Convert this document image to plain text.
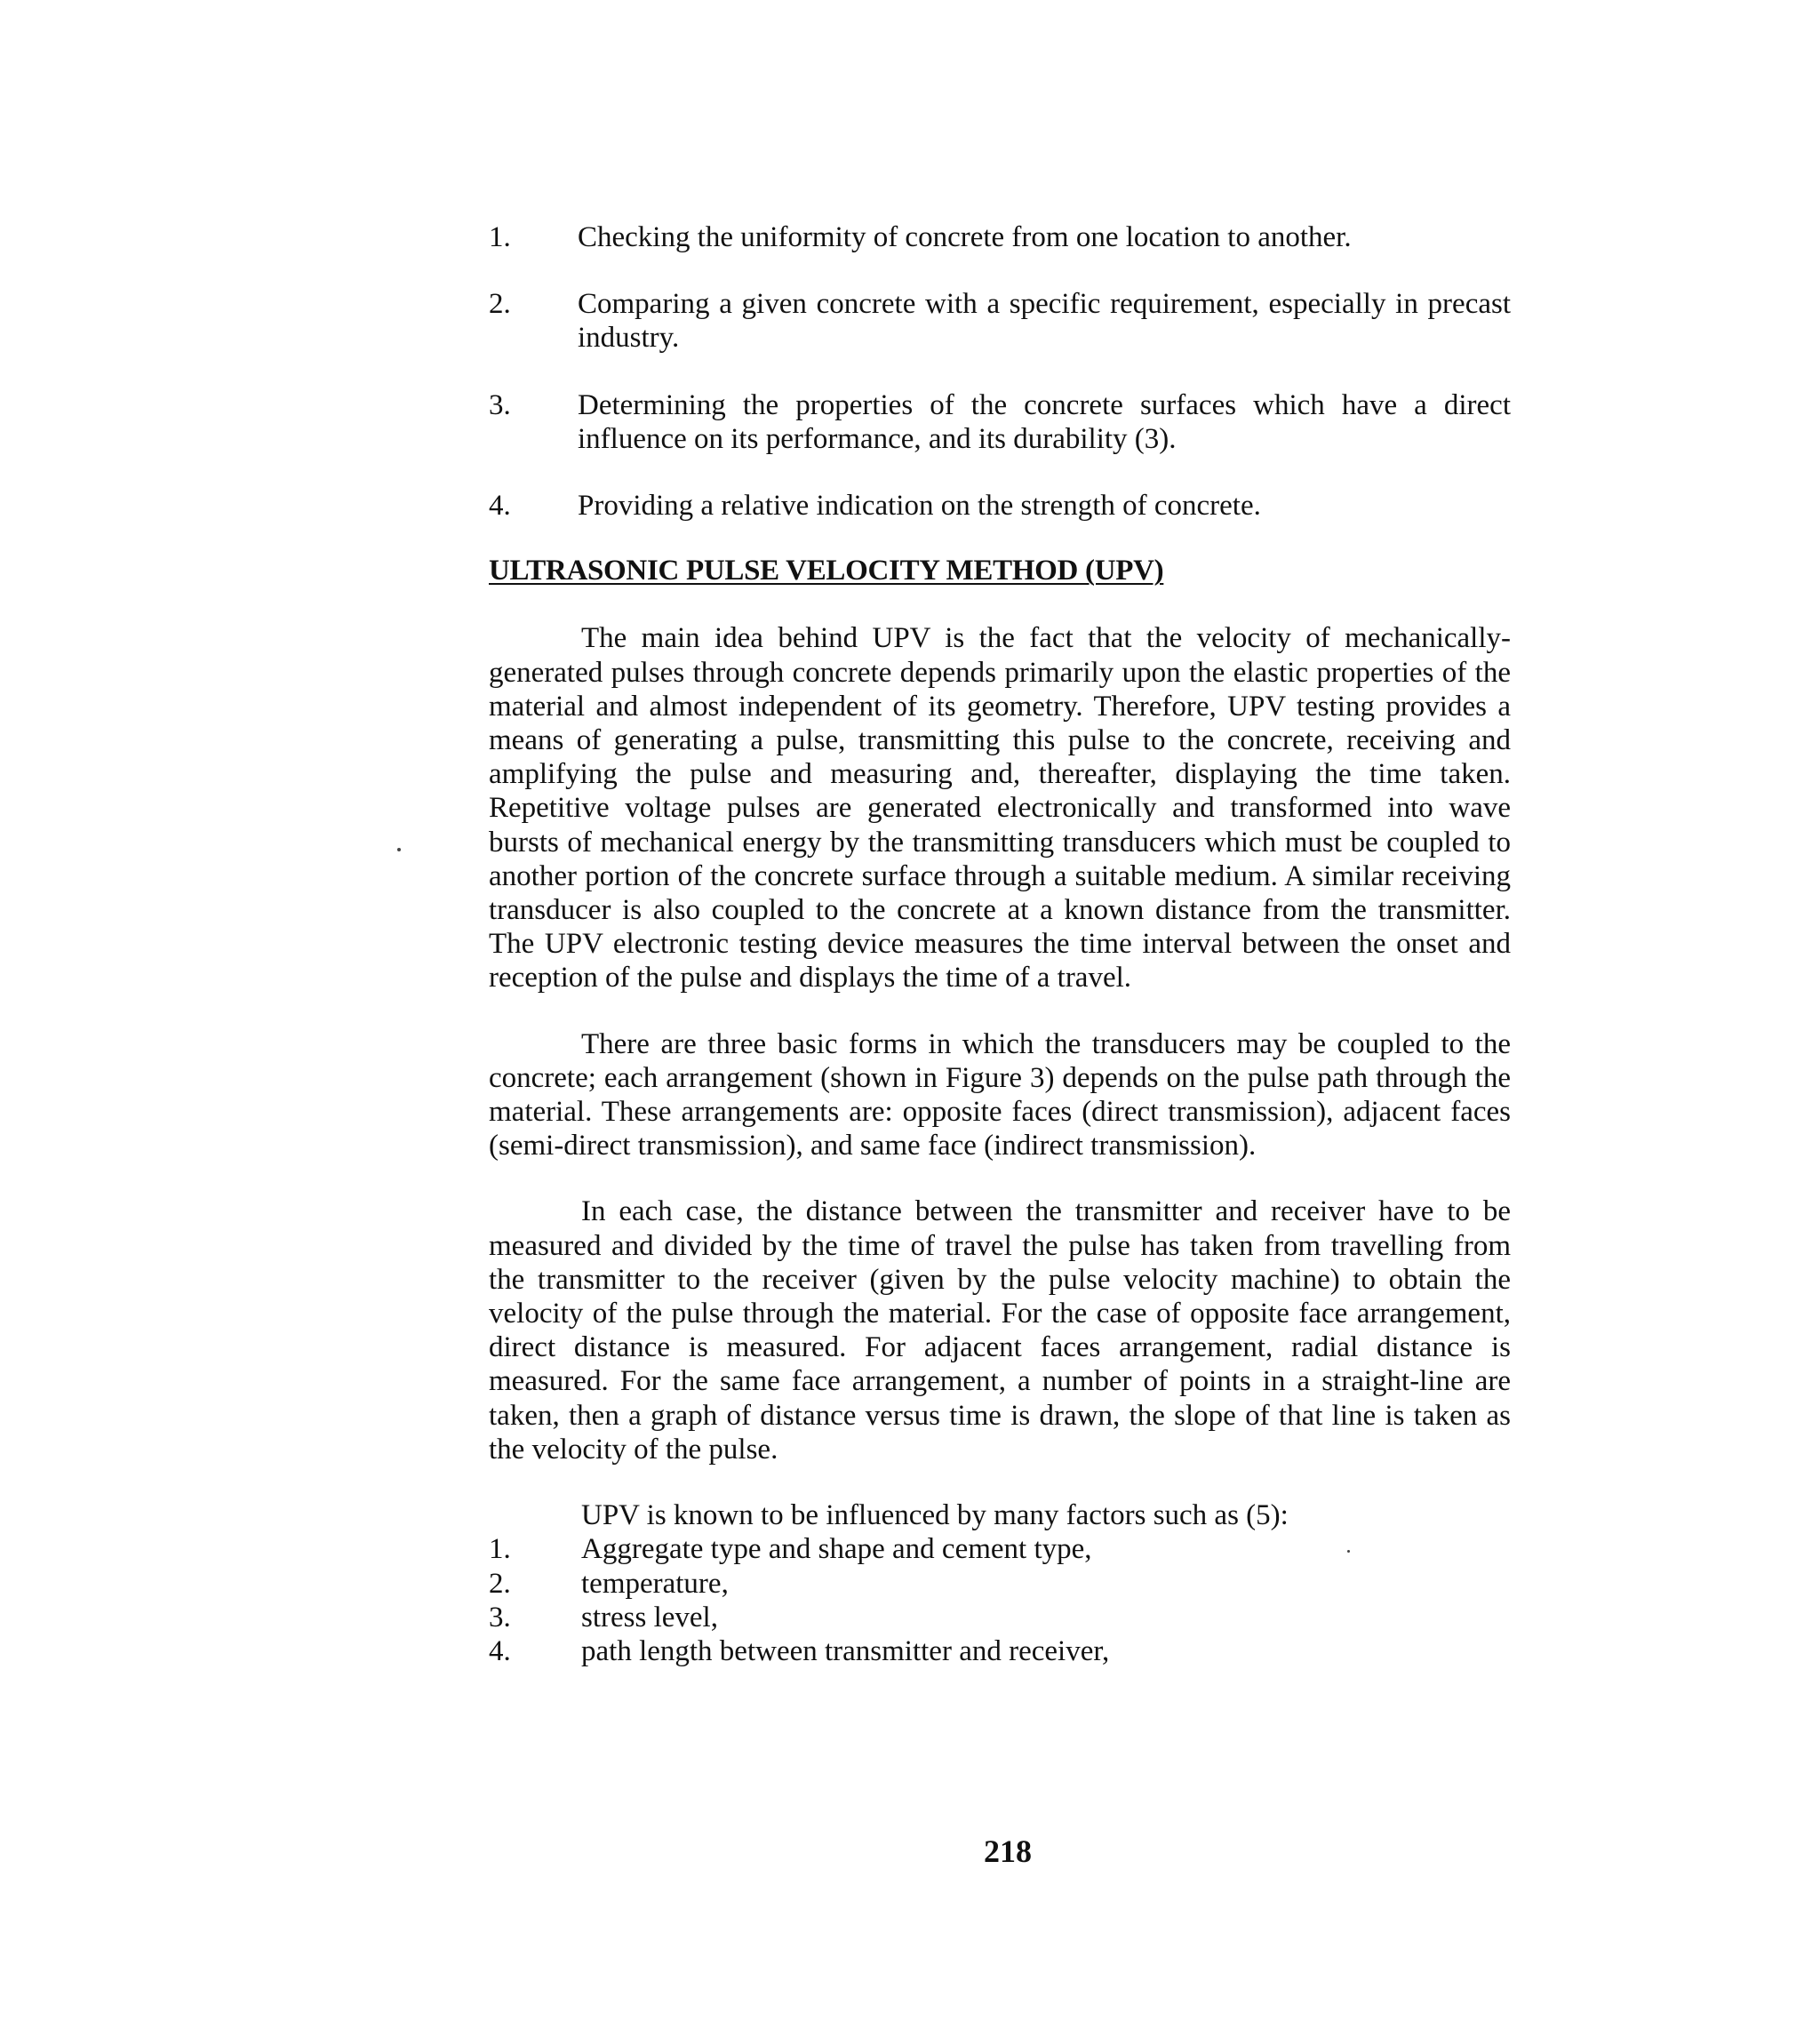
1.	Checking the uniformity of concrete from one location to another.
2.	Comparing a given concrete with a specific requirement, especially in precast industry.
3.	Determining the properties of the concrete surfaces which have a direct influence on its performance, and its durability (3).
4.	Providing a relative indication on the strength of concrete.
ULTRASONIC PULSE VELOCITY METHOD (UPV)

The main idea behind UPV is the fact that the velocity of mechanically-generated pulses through concrete depends primarily upon the elastic properties of the material and almost independent of its geometry. Therefore, UPV testing provides a means of generating a pulse, transmitting this pulse to the concrete, receiving and amplifying the pulse and measuring and, thereafter, displaying the time taken. Repetitive voltage pulses are generated electronically and transformed into wave bursts of mechanical energy by the transmitting transducers which must be coupled to another portion of the concrete surface through a suitable medium. A similar receiving transducer is also coupled to the concrete at a known distance from the transmitter. The UPV electronic testing device measures the time interval between the onset and reception of the pulse and displays the time of a travel.

There are three basic forms in which the transducers may be coupled to the concrete; each arrangement (shown in Figure 3) depends on the pulse path through the material. These arrangements are: opposite faces (direct transmission), adjacent faces (semi-direct transmission), and same face (indirect transmission).

In each case, the distance between the transmitter and receiver have to be measured and divided by the time of travel the pulse has taken from travelling from the transmitter to the receiver (given by the pulse velocity machine) to obtain the velocity of the pulse through the material. For the case of opposite face arrangement, direct distance is measured. For adjacent faces arrangement, radial distance is measured. For the same face arrangement, a number of points in a straight-line are taken, then a graph of distance versus time is drawn, the slope of that line is taken as the velocity of the pulse.

UPV is known to be influenced by many factors such as (5):

1.	Aggregate type and shape and cement type,
2.	temperature,
3.	stress level,
4.	path length between transmitter and receiver,
218
